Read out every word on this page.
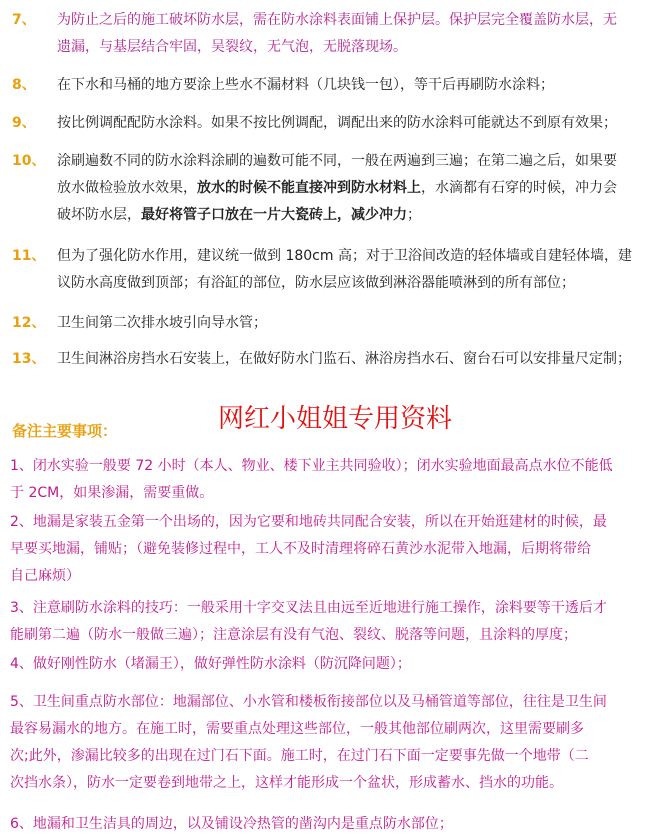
7、 为防止之后的施工破坏防水层，需在防水涂料表面铺上保护层。保护层完全覆盖防水层，无
遗漏，与基层结合牢固，吴裂纹，无气泡，无脱落现场。
8、 在下水和马桶的地方要涂上些水不漏材料（几块钱一包），等干后再刷防水涂料；
9、 按比例调配配防水涂料。如果不按比例调配，调配出来的防水涂料可能就达不到原有效果；
10、 涂刷遍数不同的防水涂料涂刷的遍数可能不同，一般在两遍到三遍；在第二遍之后，如果要
放水做检验放水效果，放水的时候不能直接冲到防水材料上，水滴都有石穿的时候，冲力会
破坏防水层，最好将管子口放在一片大瓷砖上，减少冲力；
11、 但为了强化防水作用，建议统一做到 180cm 高；对于卫浴间改造的轻体墙或自建轻体墙，建
议防水高度做到顶部；有浴缸的部位，防水层应该做到淋浴器能喷淋到的所有部位；
12、 卫生间第二次排水坡引向导水管；
13、 卫生间淋浴房挡水石安装上，在做好防水门监石、淋浴房挡水石、窗台石可以安排量尺定制；
网红小姐姐专用资料
备注主要事项：
1、闭水实验一般要 72 小时（本人、物业、楼下业主共同验收）；闭水实验地面最高点水位不能低
于 2CM，如果渗漏，需要重做。
2、地漏是家装五金第一个出场的，因为它要和地砖共同配合安装，所以在开始逛建材的时候，最
早要买地漏，铺贴；（避免装修过程中，工人不及时清理将碎石黄沙水泥带入地漏，后期将带给
自己麻烦）
3、注意刷防水涂料的技巧：一般采用十字交叉法且由远至近地进行施工操作，涂料要等干透后才
能刷第二遍（防水一般做三遍）；注意涂层有没有气泡、裂纹、脱落等问题，且涂料的厚度；
4、做好刚性防水（堵漏王），做好弹性防水涂料（防沉降问题）；
5、卫生间重点防水部位：地漏部位、小水管和楼板衔接部位以及马桶管道等部位，往往是卫生间
最容易漏水的地方。在施工时，需要重点处理这些部位，一般其他部位刷两次，这里需要刷多
次;此外，渗漏比较多的出现在过门石下面。施工时，在过门石下面一定要事先做一个地带（二
次挡水条），防水一定要卷到地带之上，这样才能形成一个盆状，形成蓄水、挡水的功能。
6、地漏和卫生洁具的周边，以及铺设冷热管的凿沟内是重点防水部位；
